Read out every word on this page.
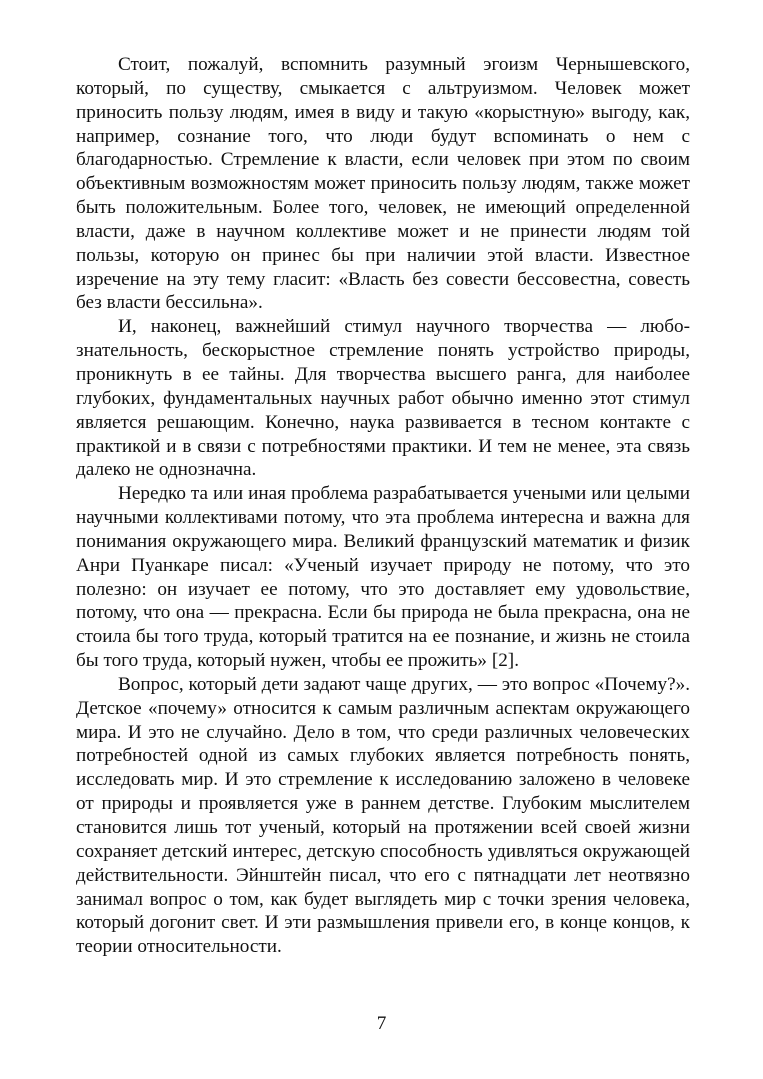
Стоит, пожалуй, вспомнить разумный эгоизм Чернышевского, который, по существу, смыкается с альтруизмом. Человек может приносить пользу людям, имея в виду и такую «корыстную» выгоду, как, например, сознание того, что люди будут вспоминать о нем с благодарностью. Стремление к власти, если человек при этом по своим объективным возможностям может приносить пользу людям, также может быть положительным. Более того, человек, не имеющий определенной власти, даже в научном коллективе может и не принести людям той пользы, которую он принес бы при наличии этой власти. Известное изречение на эту тему гласит: «Власть без совести бессовестна, совесть без власти бессильна».

И, наконец, важнейший стимул научного творчества — любознательность, бескорыстное стремление понять устройство природы, проникнуть в ее тайны. Для творчества высшего ранга, для наиболее глубоких, фундаментальных научных работ обычно именно этот стимул является решающим. Конечно, наука развивается в тесном контакте с практикой и в связи с потребностями практики. И тем не менее, эта связь далеко не однозначна.

Нередко та или иная проблема разрабатывается учеными или целыми научными коллективами потому, что эта проблема интересна и важна для понимания окружающего мира. Великий французский математик и физик Анри Пуанкаре писал: «Ученый изучает природу не потому, что это полезно: он изучает ее потому, что это доставляет ему удовольствие, потому, что она — прекрасна. Если бы природа не была прекрасна, она не стоила бы того труда, который тратится на ее познание, и жизнь не стоила бы того труда, который нужен, чтобы ее прожить» [2].

Вопрос, который дети задают чаще других, — это вопрос «Почему?». Детское «почему» относится к самым различным аспектам окружающего мира. И это не случайно. Дело в том, что среди различных человеческих потребностей одной из самых глубоких является потребность понять, исследовать мир. И это стремление к исследованию заложено в человеке от природы и проявляется уже в раннем детстве. Глубоким мыслителем становится лишь тот ученый, который на протяжении всей своей жизни сохраняет детский интерес, детскую способность удивляться окружающей действительности. Эйнштейн писал, что его с пятнадцати лет неотвязно занимал вопрос о том, как будет выглядеть мир с точки зрения человека, который догонит свет. И эти размышления привели его, в конце концов, к теории относительности.

7
